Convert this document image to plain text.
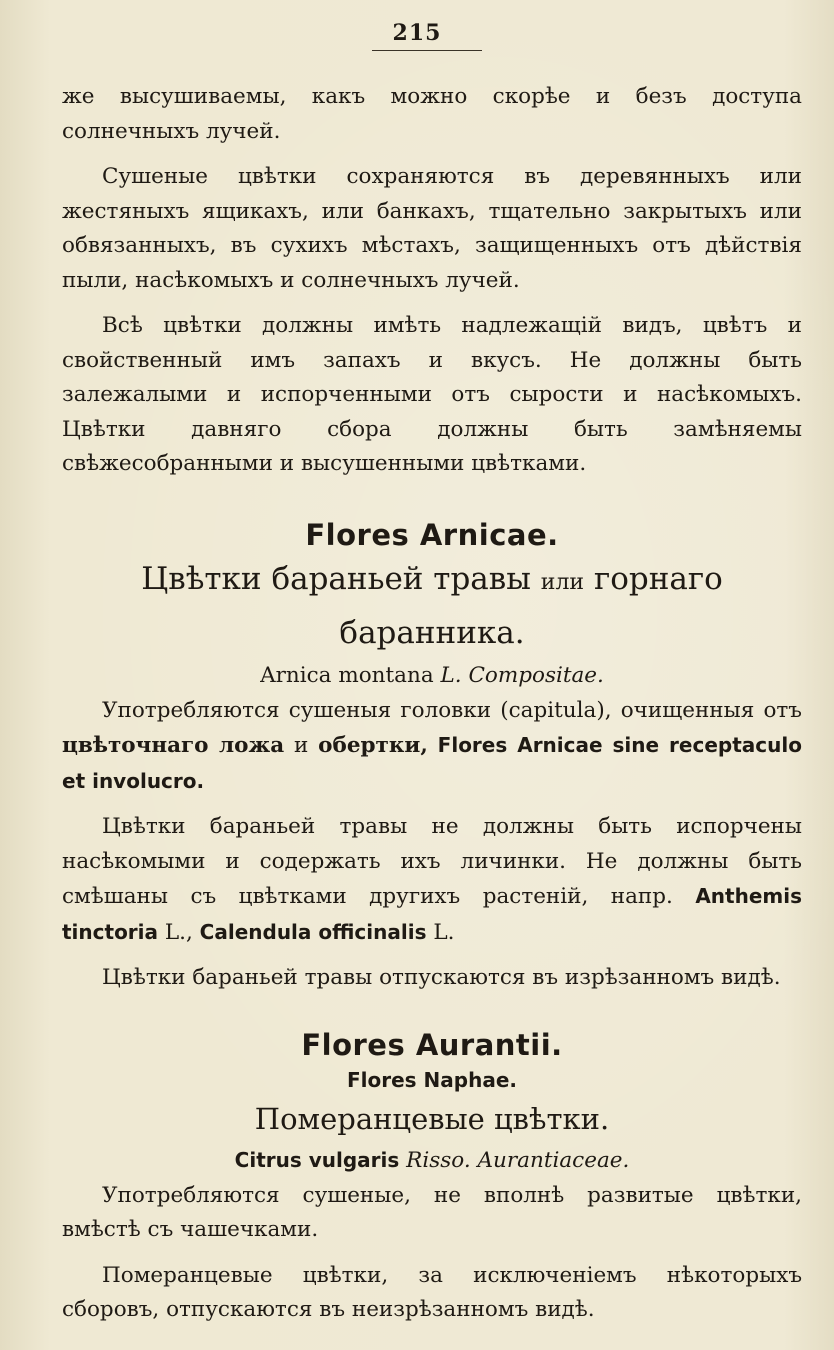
215

же высушиваемы, какъ можно скорѣе и безъ доступа солнечныхъ лучей.

Сушеные цвѣтки сохраняются въ деревянныхъ или жестяныхъ ящикахъ, или банкахъ, тщательно закрытыхъ или обвязанныхъ, въ сухихъ мѣстахъ, защищенныхъ отъ дѣйствія пыли, насѣкомыхъ и солнечныхъ лучей.

Всѣ цвѣтки должны имѣть надлежащій видъ, цвѣтъ и свойственный имъ запахъ и вкусъ. Не должны быть залежалыми и испорченными отъ сырости и насѣкомыхъ. Цвѣтки давняго сбора должны быть замѣняемы свѣжесобранными и высушенными цвѣтками.

Flores Arnicae.
Цвѣтки бараньей травы или горнаго баранника.
Arnica montana L. Compositae.

Употребляются сушеныя головки (capitula), очищенныя отъ цвѣточнаго ложа и обертки, Flores Arnicae sine receptaculo et involucro.

Цвѣтки бараньей травы не должны быть испорчены насѣкомыми и содержать ихъ личинки. Не должны быть смѣшаны съ цвѣтками другихъ растеній, напр. Anthemis tinctoria L., Calendula officinalis L.

Цвѣтки бараньей травы отпускаются въ изрѣзанномъ видѣ.

Flores Aurantii.
Flores Naphae.
Померанцевые цвѣтки.
Citrus vulgaris Risso. Aurantiaceae.

Употребляются сушеные, не вполнѣ развитые цвѣтки, вмѣстѣ съ чашечками.

Померанцевые цвѣтки, за исключеніемъ нѣкоторыхъ сборовъ, отпускаются въ неизрѣзанномъ видѣ.
